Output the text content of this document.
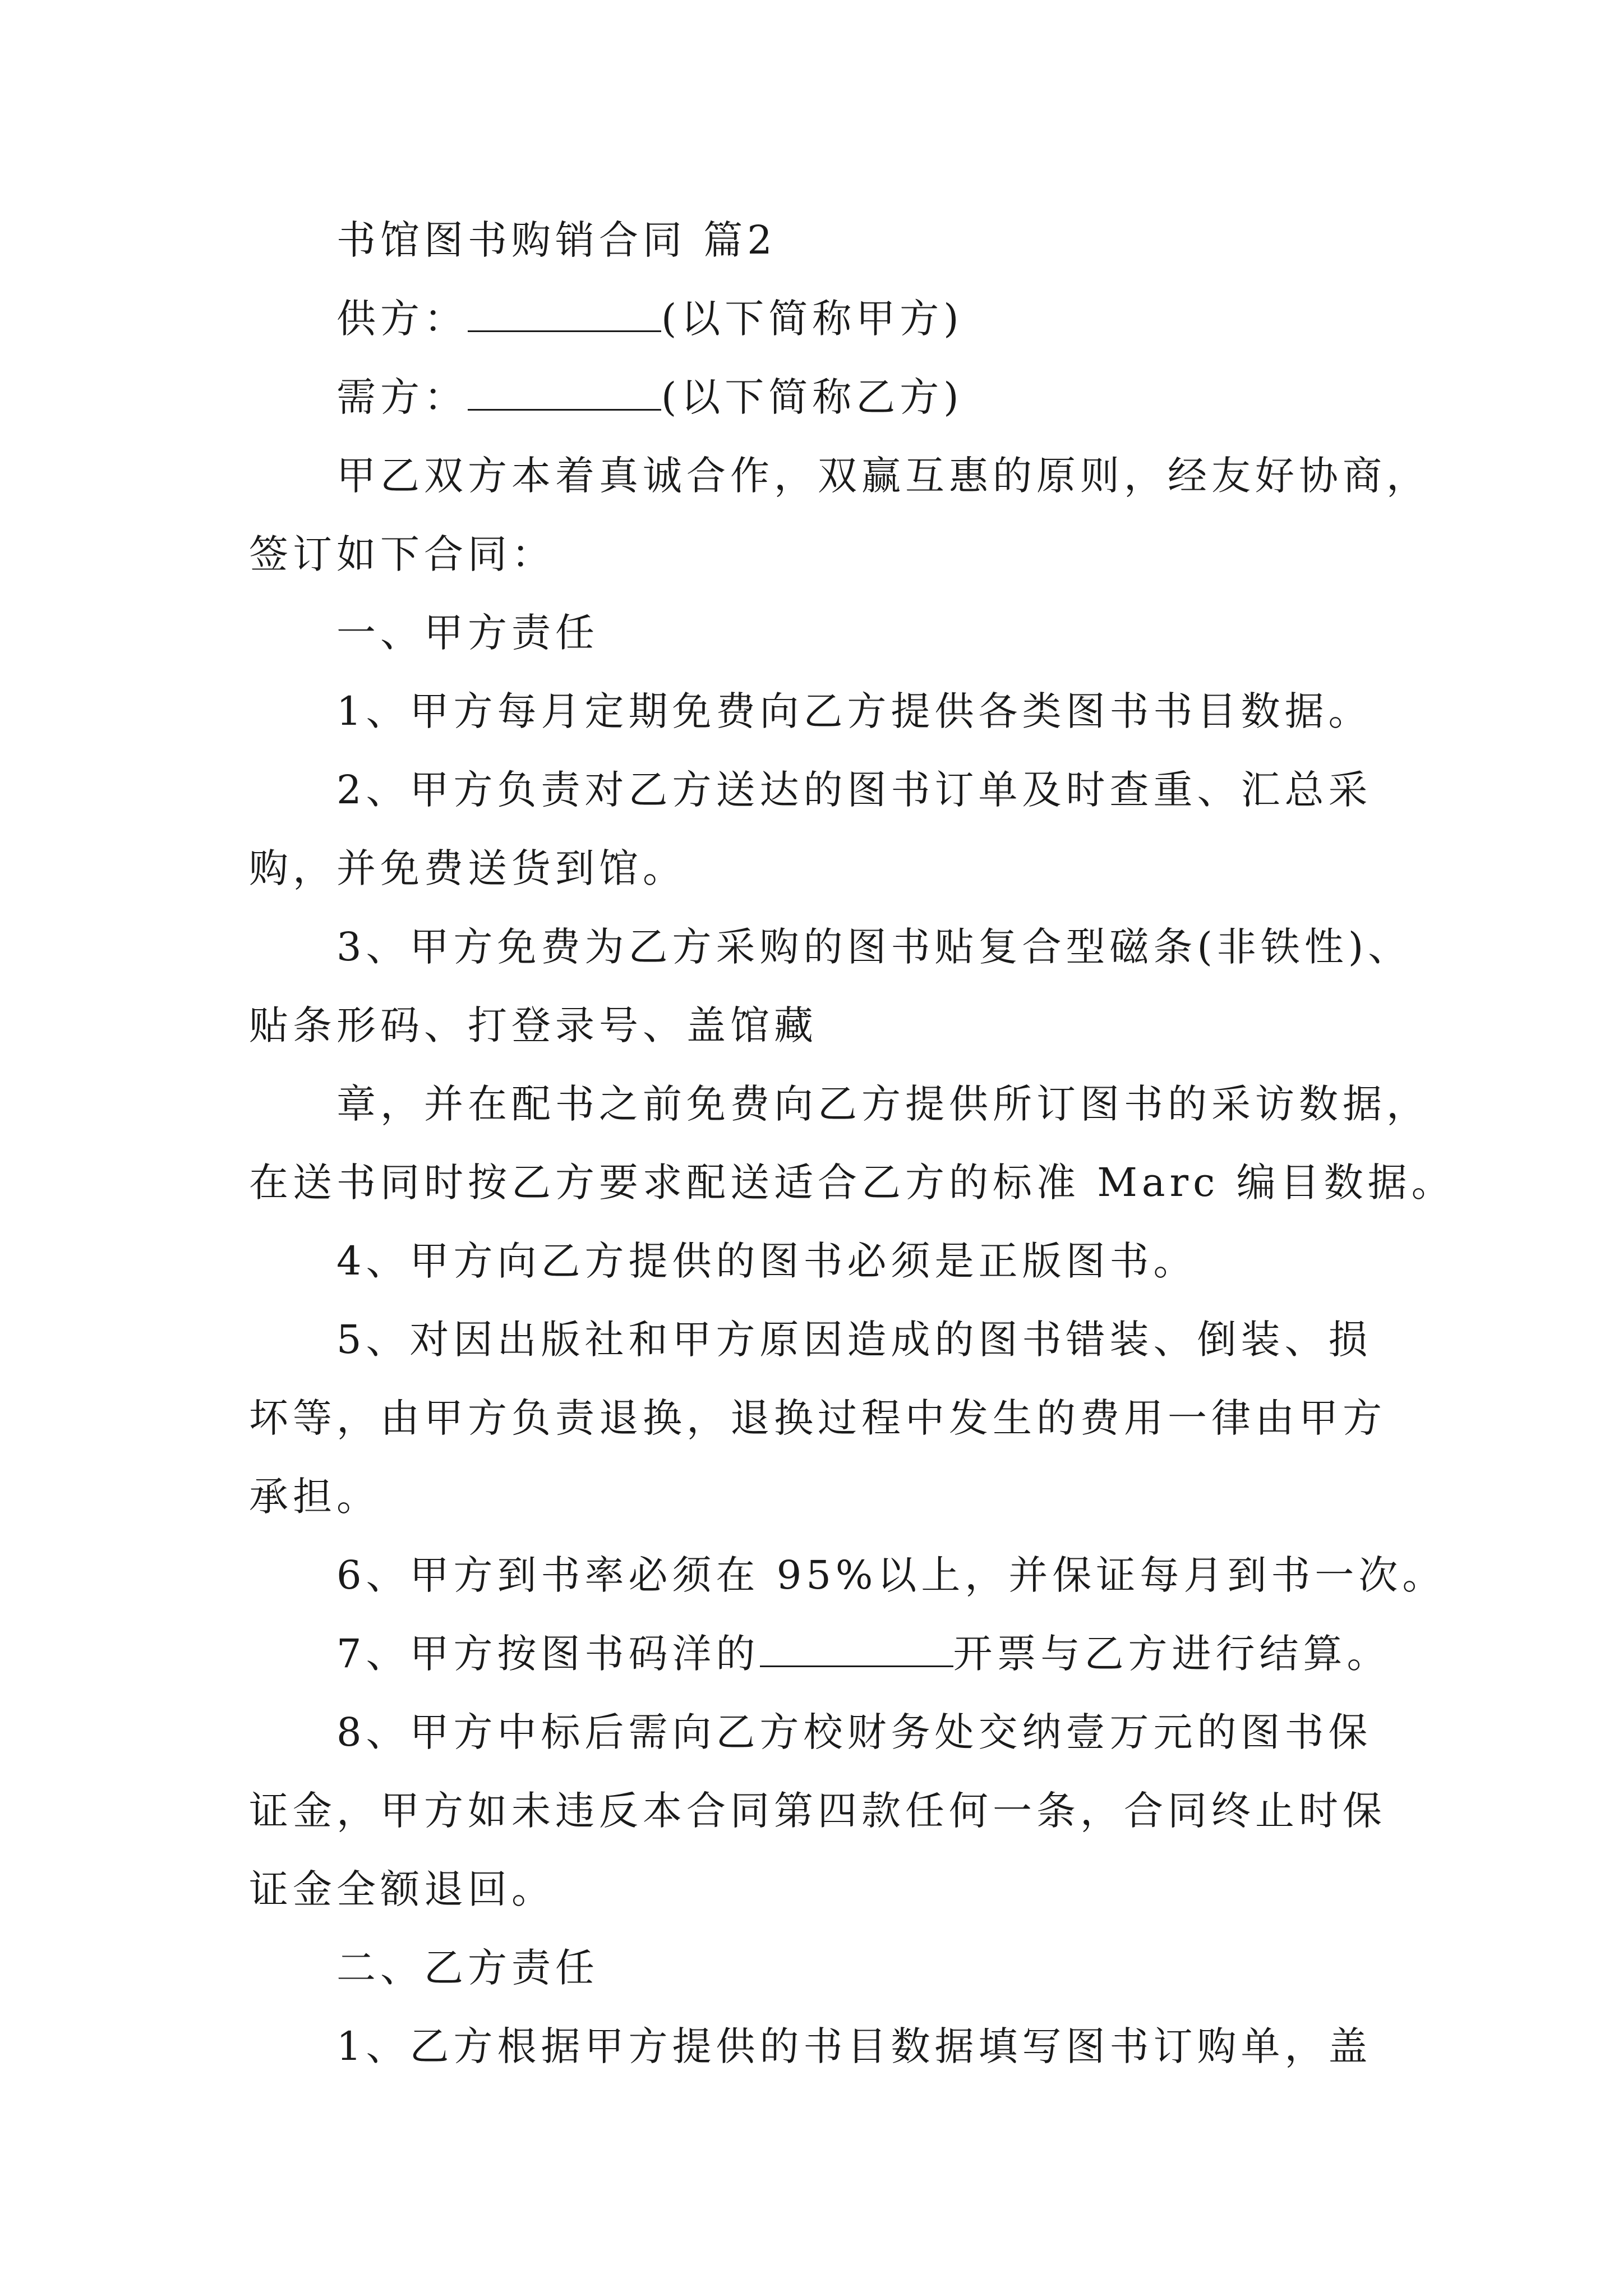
书馆图书购销合同 篇2
供方：	(以下简称甲方)
需方：	(以下简称乙方)
甲乙双方本着真诚合作，双赢互惠的原则，经友好协商，
签订如下合同：
一、甲方责任
1、甲方每月定期免费向乙方提供各类图书书目数据。
2、甲方负责对乙方送达的图书订单及时查重、汇总采
购，并免费送货到馆。
3、甲方免费为乙方采购的图书贴复合型磁条(非铁性)、
贴条形码、打登录号、盖馆藏
章，并在配书之前免费向乙方提供所订图书的采访数据，
在送书同时按乙方要求配送适合乙方的标准 Marc 编目数据。
4、甲方向乙方提供的图书必须是正版图书。
5、对因出版社和甲方原因造成的图书错装、倒装、损
坏等，由甲方负责退换，退换过程中发生的费用一律由甲方
承担。
6、甲方到书率必须在 95%以上，并保证每月到书一次。
7、甲方按图书码洋的	开票与乙方进行结算。
8、甲方中标后需向乙方校财务处交纳壹万元的图书保
证金，甲方如未违反本合同第四款任何一条，合同终止时保
证金全额退回。
二、乙方责任
1、乙方根据甲方提供的书目数据填写图书订购单，盖
